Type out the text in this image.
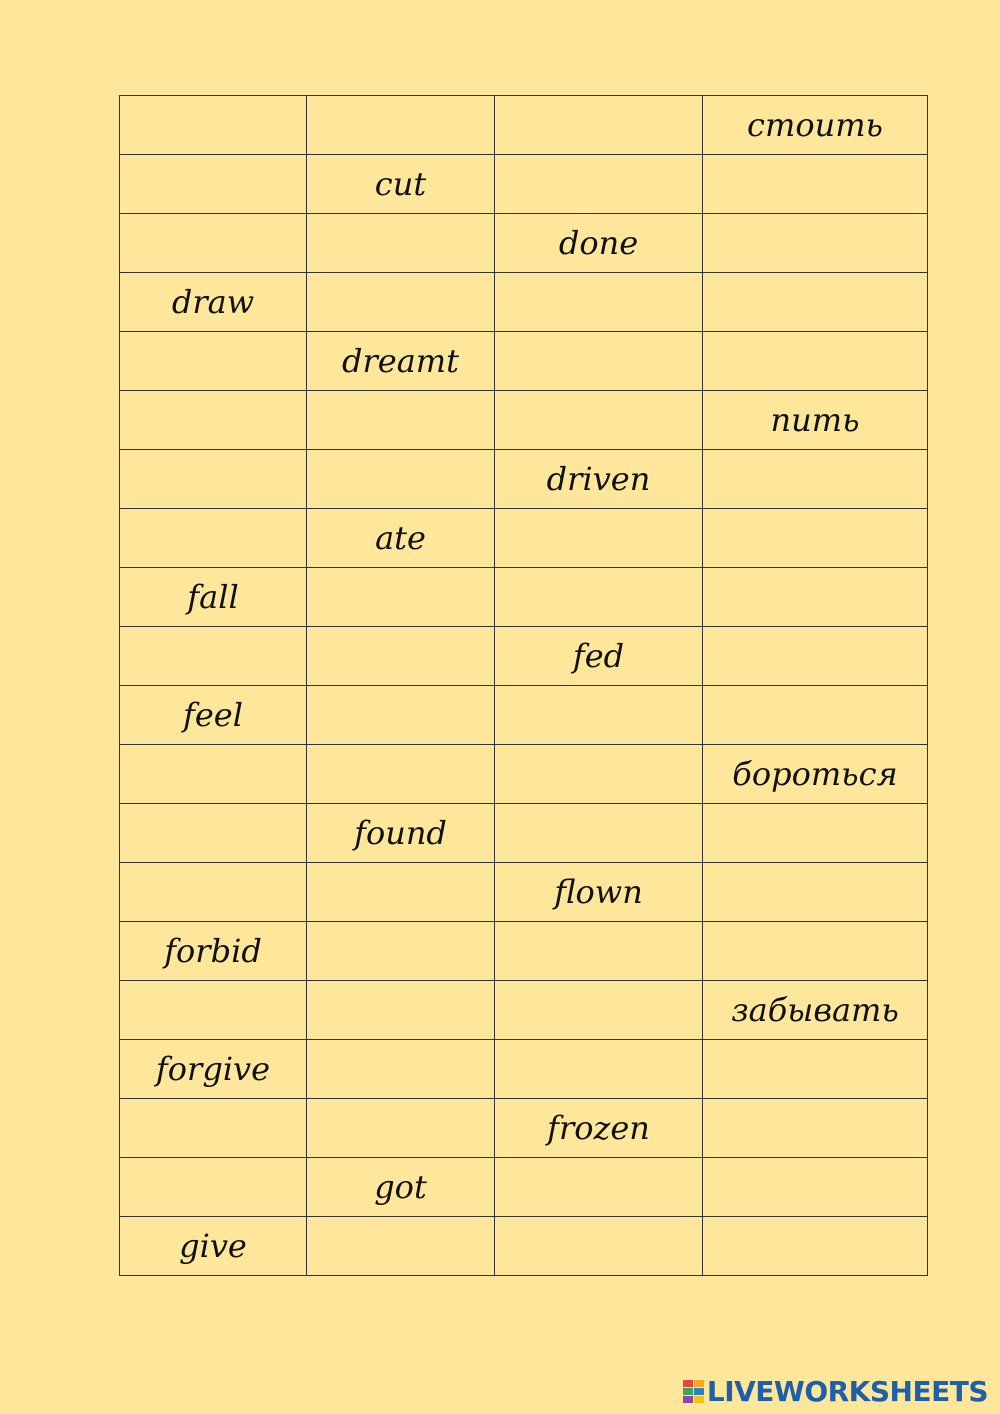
			стоить
	cut		
		done	
draw			
	dreamt		
			пить
		driven	
	ate		
fall			
		fed	
feel			
			бороться
	found		
		flown	
forbid			
			забывать
forgive			
		frozen	
	got		
give			
LIVEWORKSHEETS
